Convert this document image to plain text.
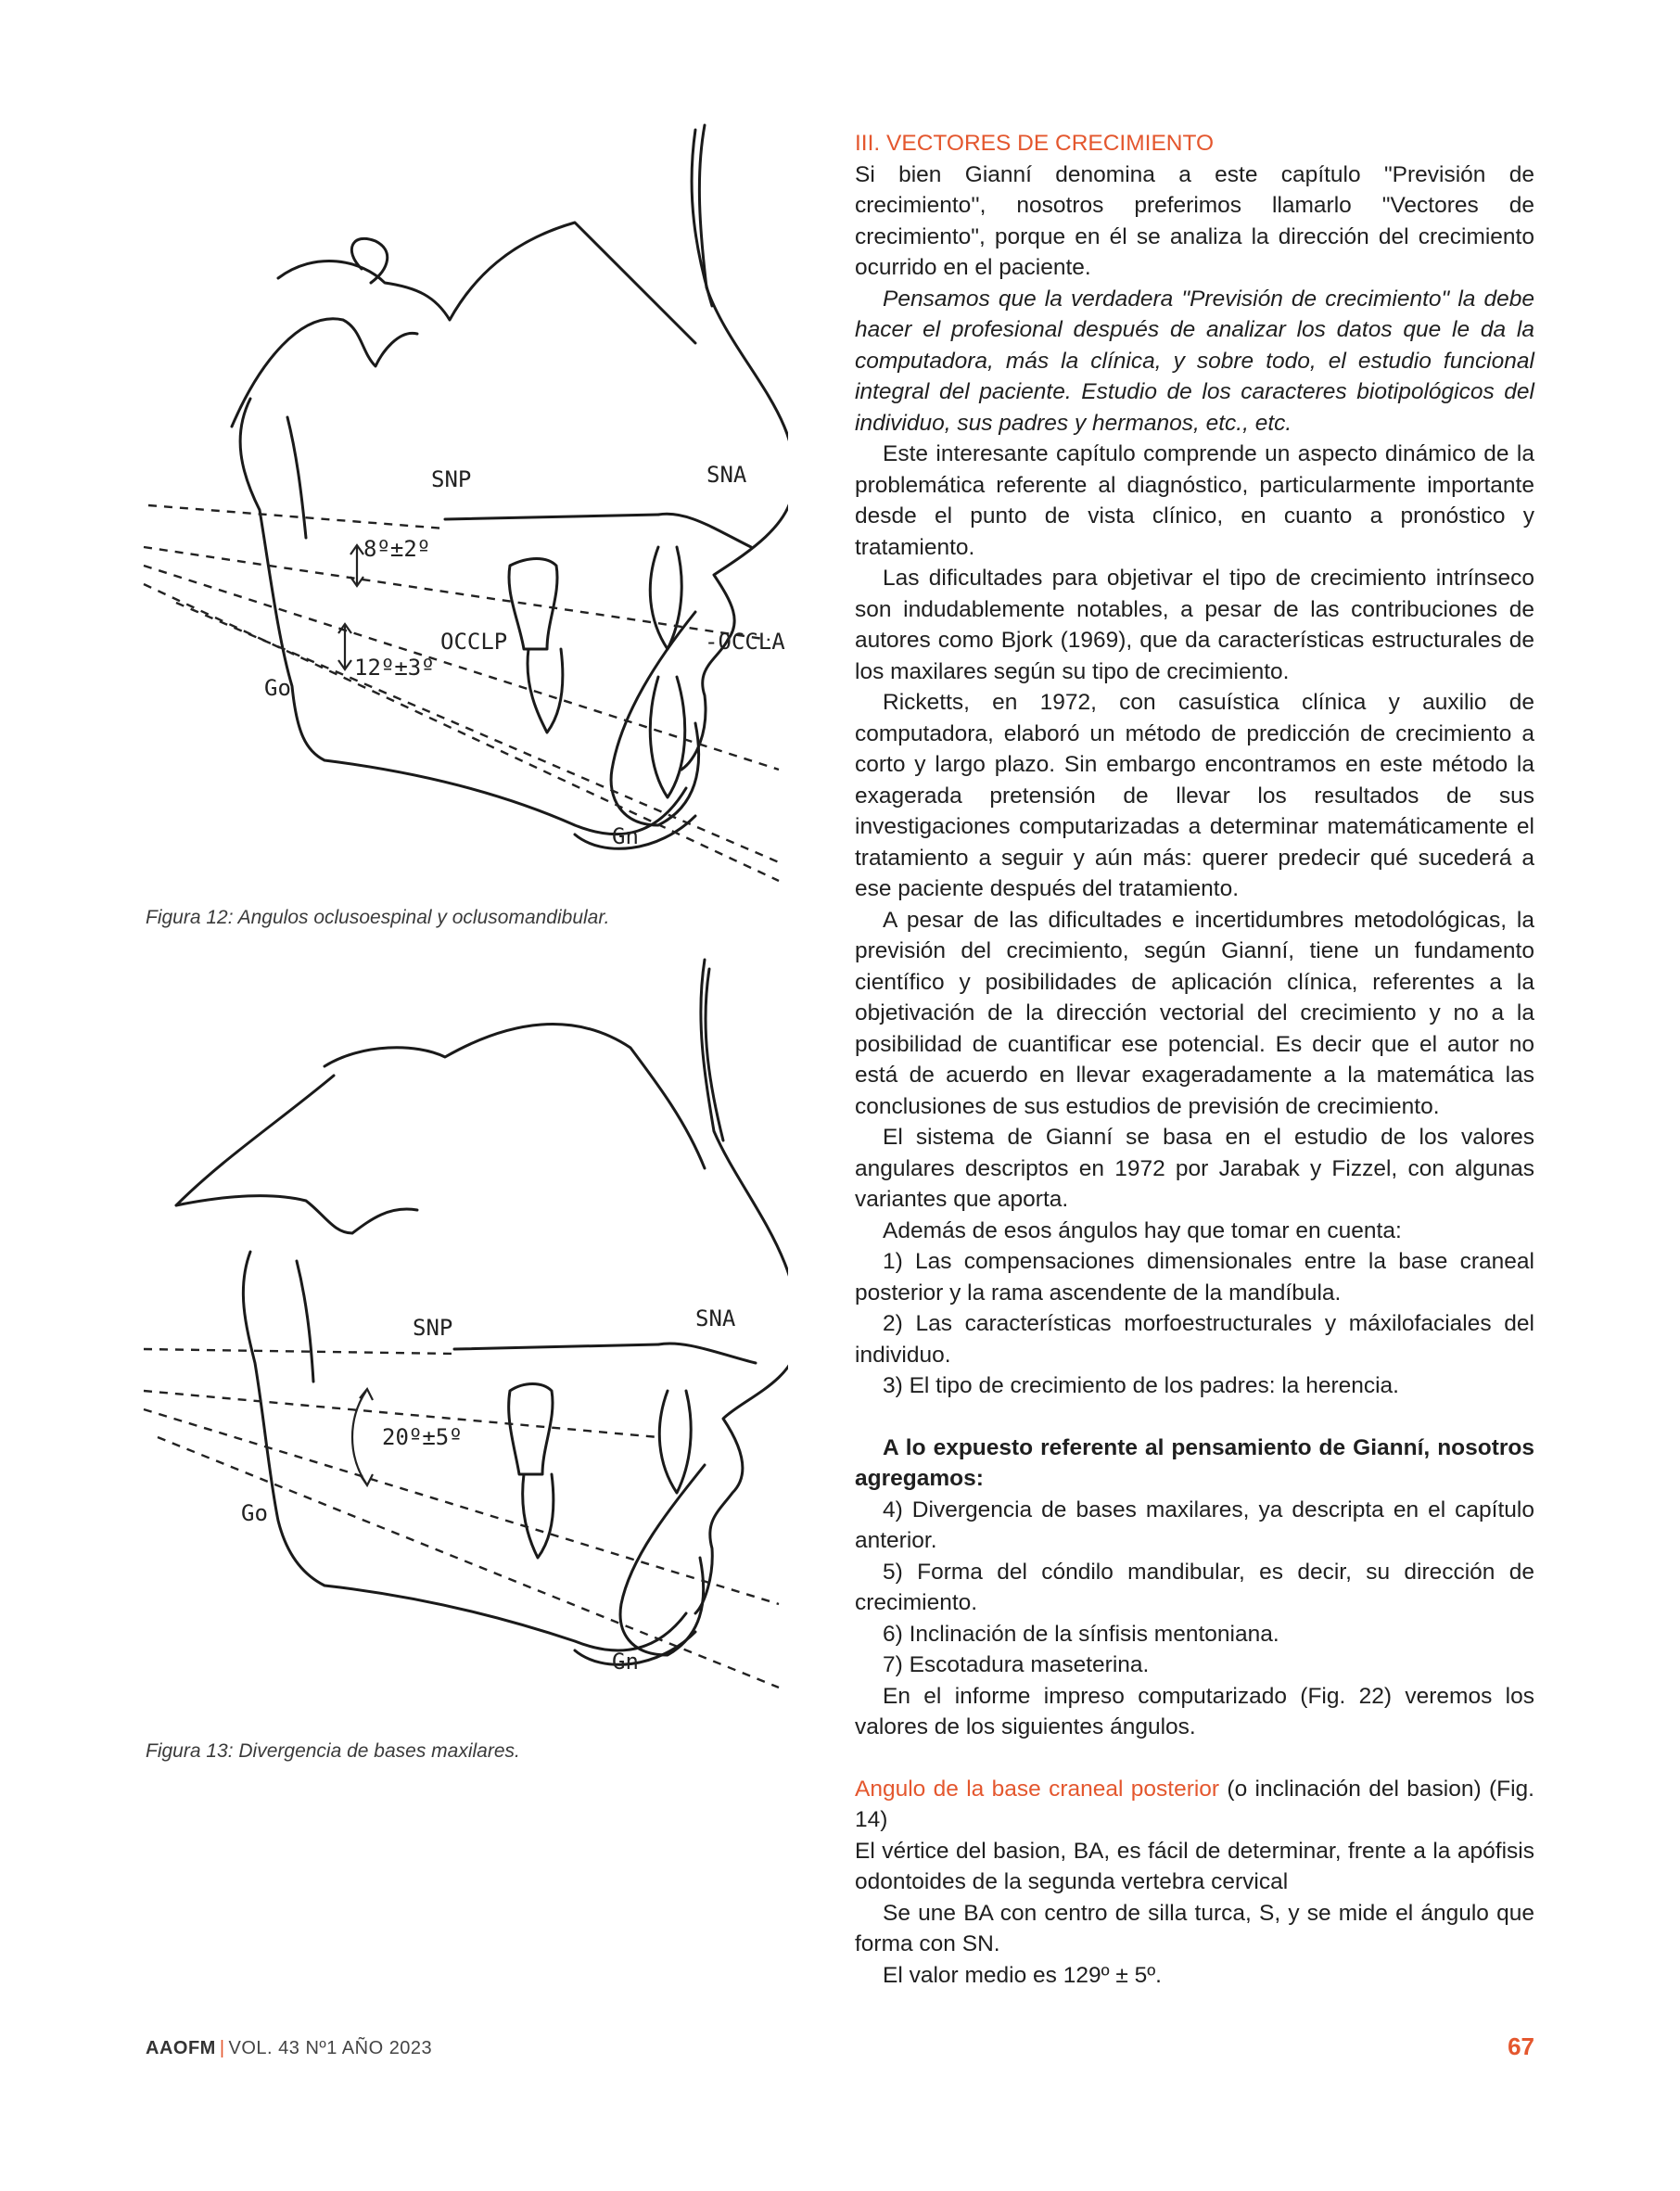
SNP	SNA
8º±2º
12º±3º
OCCLP	-OCCLA
Go
Gn
Figura 12: Angulos oclusoespinal y oclusomandibular.
SNP	SNA
20º±5º
Go
Gn
Figura 13: Divergencia de bases maxilares.

III. VECTORES DE CRECIMIENTO

Si bien Gianní denomina a este capítulo "Previsión de crecimiento'', nosotros preferimos llamarlo "Vectores de crecimiento", porque en él se analiza la dirección del crecimiento ocurrido en el paciente.

Pensamos que la verdadera "Previsión de crecimiento" la debe hacer el profesional después de analizar los datos que le da la computadora, más la clínica, y sobre todo, el estudio funcional integral del paciente. Estudio de los caracteres biotipológicos del individuo, sus padres y hermanos, etc., etc.

Este interesante capítulo comprende un aspecto dinámico de la problemática referente al diagnóstico, particularmente importante desde el punto de vista clínico, en cuanto a pronóstico y tratamiento.

Las dificultades para objetivar el tipo de crecimiento intrínseco son indudablemente notables, a pesar de las contribuciones de autores como Bjork (1969), que da características estructurales de los maxilares según su tipo de crecimiento.

Ricketts, en 1972, con casuística clínica y auxilio de computadora, elaboró un método de predicción de crecimiento a corto y largo plazo. Sin embargo encontramos en este método la exagerada pretensión de llevar los resultados de sus investigaciones computarizadas a determinar matemáticamente el tratamiento a seguir y aún más: querer predecir qué sucederá a ese paciente después del tratamiento.

A pesar de las dificultades e incertidumbres metodológicas, la previsión del crecimiento, según Gianní, tiene un fundamento científico y posibilidades de aplicación clínica, referentes a la objetivación de la dirección vectorial del crecimiento y no a la posibilidad de cuantificar ese potencial. Es decir que el autor no está de acuerdo en llevar exageradamente a la matemática las conclusiones de sus estudios de previsión de crecimiento.

El sistema de Gianní se basa en el estudio de los valores angulares descriptos en 1972 por Jarabak y Fizzel, con algunas variantes que aporta.

Además de esos ángulos hay que tomar en cuenta:

1) Las compensaciones dimensionales entre la base craneal posterior y la rama ascendente de la mandíbula.

2) Las características morfoestructurales y máxilofaciales del individuo.

3) El tipo de crecimiento de los padres: la herencia.

A lo expuesto referente al pensamiento de Gianní, nosotros agregamos:

4) Divergencia de bases maxilares, ya descripta en el capítulo anterior.

5) Forma del cóndilo mandibular, es decir, su dirección de crecimiento.

6) Inclinación de la sínfisis mentoniana.

7) Escotadura maseterina.

En el informe impreso computarizado (Fig. 22) veremos los valores de los siguientes ángulos.

Angulo de la base craneal posterior (o inclinación del basion) (Fig. 14)

El vértice del basion, BA, es fácil de determinar, frente a la apófisis odontoides de la segunda vertebra cervical

Se une BA con centro de silla turca, S, y se mide el ángulo que forma con SN.

El valor medio es 129º ± 5º.

AAOFM | VOL. 43 Nº1 AÑO 2023	67
